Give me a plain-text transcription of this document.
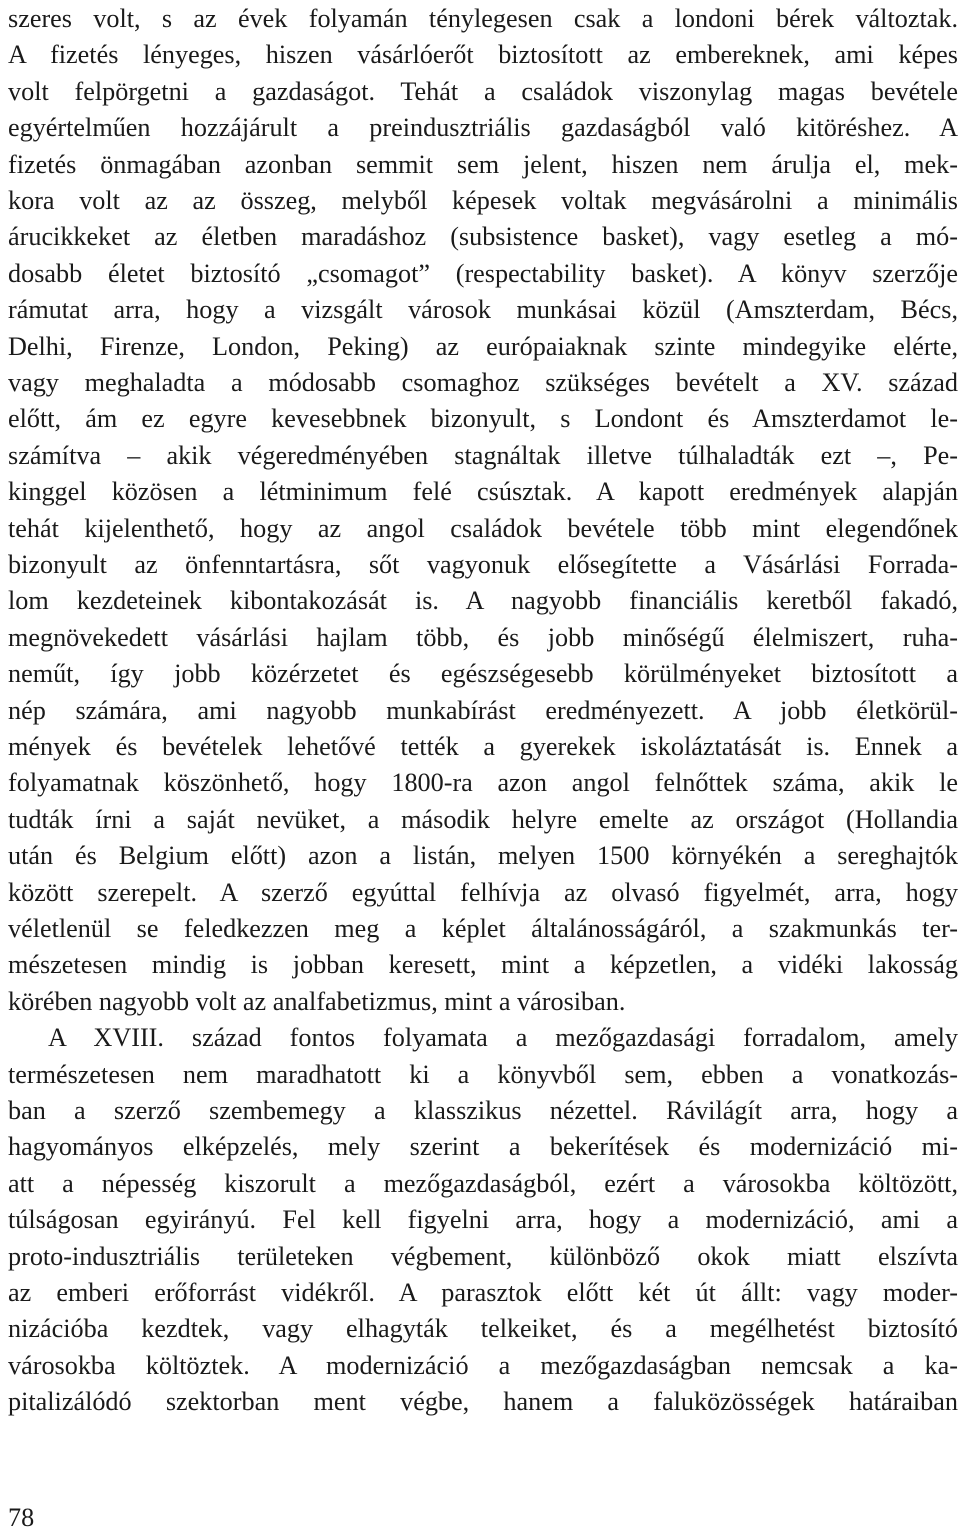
szeres volt, s az évek folyamán ténylegesen csak a londoni bérek változtak.
A fizetés lényeges, hiszen vásárlóerőt biztosított az embereknek, ami képes
volt felpörgetni a gazdaságot. Tehát a családok viszonylag magas bevétele
egyértelműen hozzájárult a preindusztriális gazdaságból való kitöréshez. A
fizetés önmagában azonban semmit sem jelent, hiszen nem árulja el, mek-
kora volt az az összeg, melyből képesek voltak megvásárolni a minimális
árucikkeket az életben maradáshoz (subsistence basket), vagy esetleg a mó-
dosabb életet biztosító „csomagot” (respectability basket). A könyv szerzője
rámutat arra, hogy a vizsgált városok munkásai közül (Amszterdam, Bécs,
Delhi, Firenze, London, Peking) az európaiaknak szinte mindegyike elérte,
vagy meghaladta a módosabb csomaghoz szükséges bevételt a XV. század
előtt, ám ez egyre kevesebbnek bizonyult, s Londont és Amszterdamot le-
számítva – akik végeredményében stagnáltak illetve túlhaladták ezt –, Pe-
kinggel közösen a létminimum felé csúsztak. A kapott eredmények alapján
tehát kijelenthető, hogy az angol családok bevétele több mint elegendőnek
bizonyult az önfenntartásra, sőt vagyonuk elősegítette a Vásárlási Forrada-
lom kezdeteinek kibontakozását is. A nagyobb financiális keretből fakadó,
megnövekedett vásárlási hajlam több, és jobb minőségű élelmiszert, ruha-
neműt, így jobb közérzetet és egészségesebb körülményeket biztosított a
nép számára, ami nagyobb munkabírást eredményezett. A jobb életkörül-
mények és bevételek lehetővé tették a gyerekek iskoláztatását is. Ennek a
folyamatnak köszönhető, hogy 1800-ra azon angol felnőttek száma, akik le
tudták írni a saját nevüket, a második helyre emelte az országot (Hollandia
után és Belgium előtt) azon a listán, melyen 1500 környékén a sereghajtók
között szerepelt. A szerző egyúttal felhívja az olvasó figyelmét, arra, hogy
véletlenül se feledkezzen meg a képlet általánosságáról, a szakmunkás ter-
mészetesen mindig is jobban keresett, mint a képzetlen, a vidéki lakosság
körében nagyobb volt az analfabetizmus, mint a városiban.
A XVIII. század fontos folyamata a mezőgazdasági forradalom, amely
természetesen nem maradhatott ki a könyvből sem, ebben a vonatkozás-
ban a szerző szembemegy a klasszikus nézettel. Rávilágít arra, hogy a
hagyományos elképzelés, mely szerint a bekerítések és modernizáció mi-
att a népesség kiszorult a mezőgazdaságból, ezért a városokba költözött,
túlságosan egyirányú. Fel kell figyelni arra, hogy a modernizáció, ami a
proto-indusztriális területeken végbement, különböző okok miatt elszívta
az emberi erőforrást vidékről. A parasztok előtt két út állt: vagy moder-
nizációba kezdtek, vagy elhagyták telkeiket, és a megélhetést biztosító
városokba költöztek. A modernizáció a mezőgazdaságban nemcsak a ka-
pitalizálódó szektorban ment végbe, hanem a faluközösségek határaiban
78
